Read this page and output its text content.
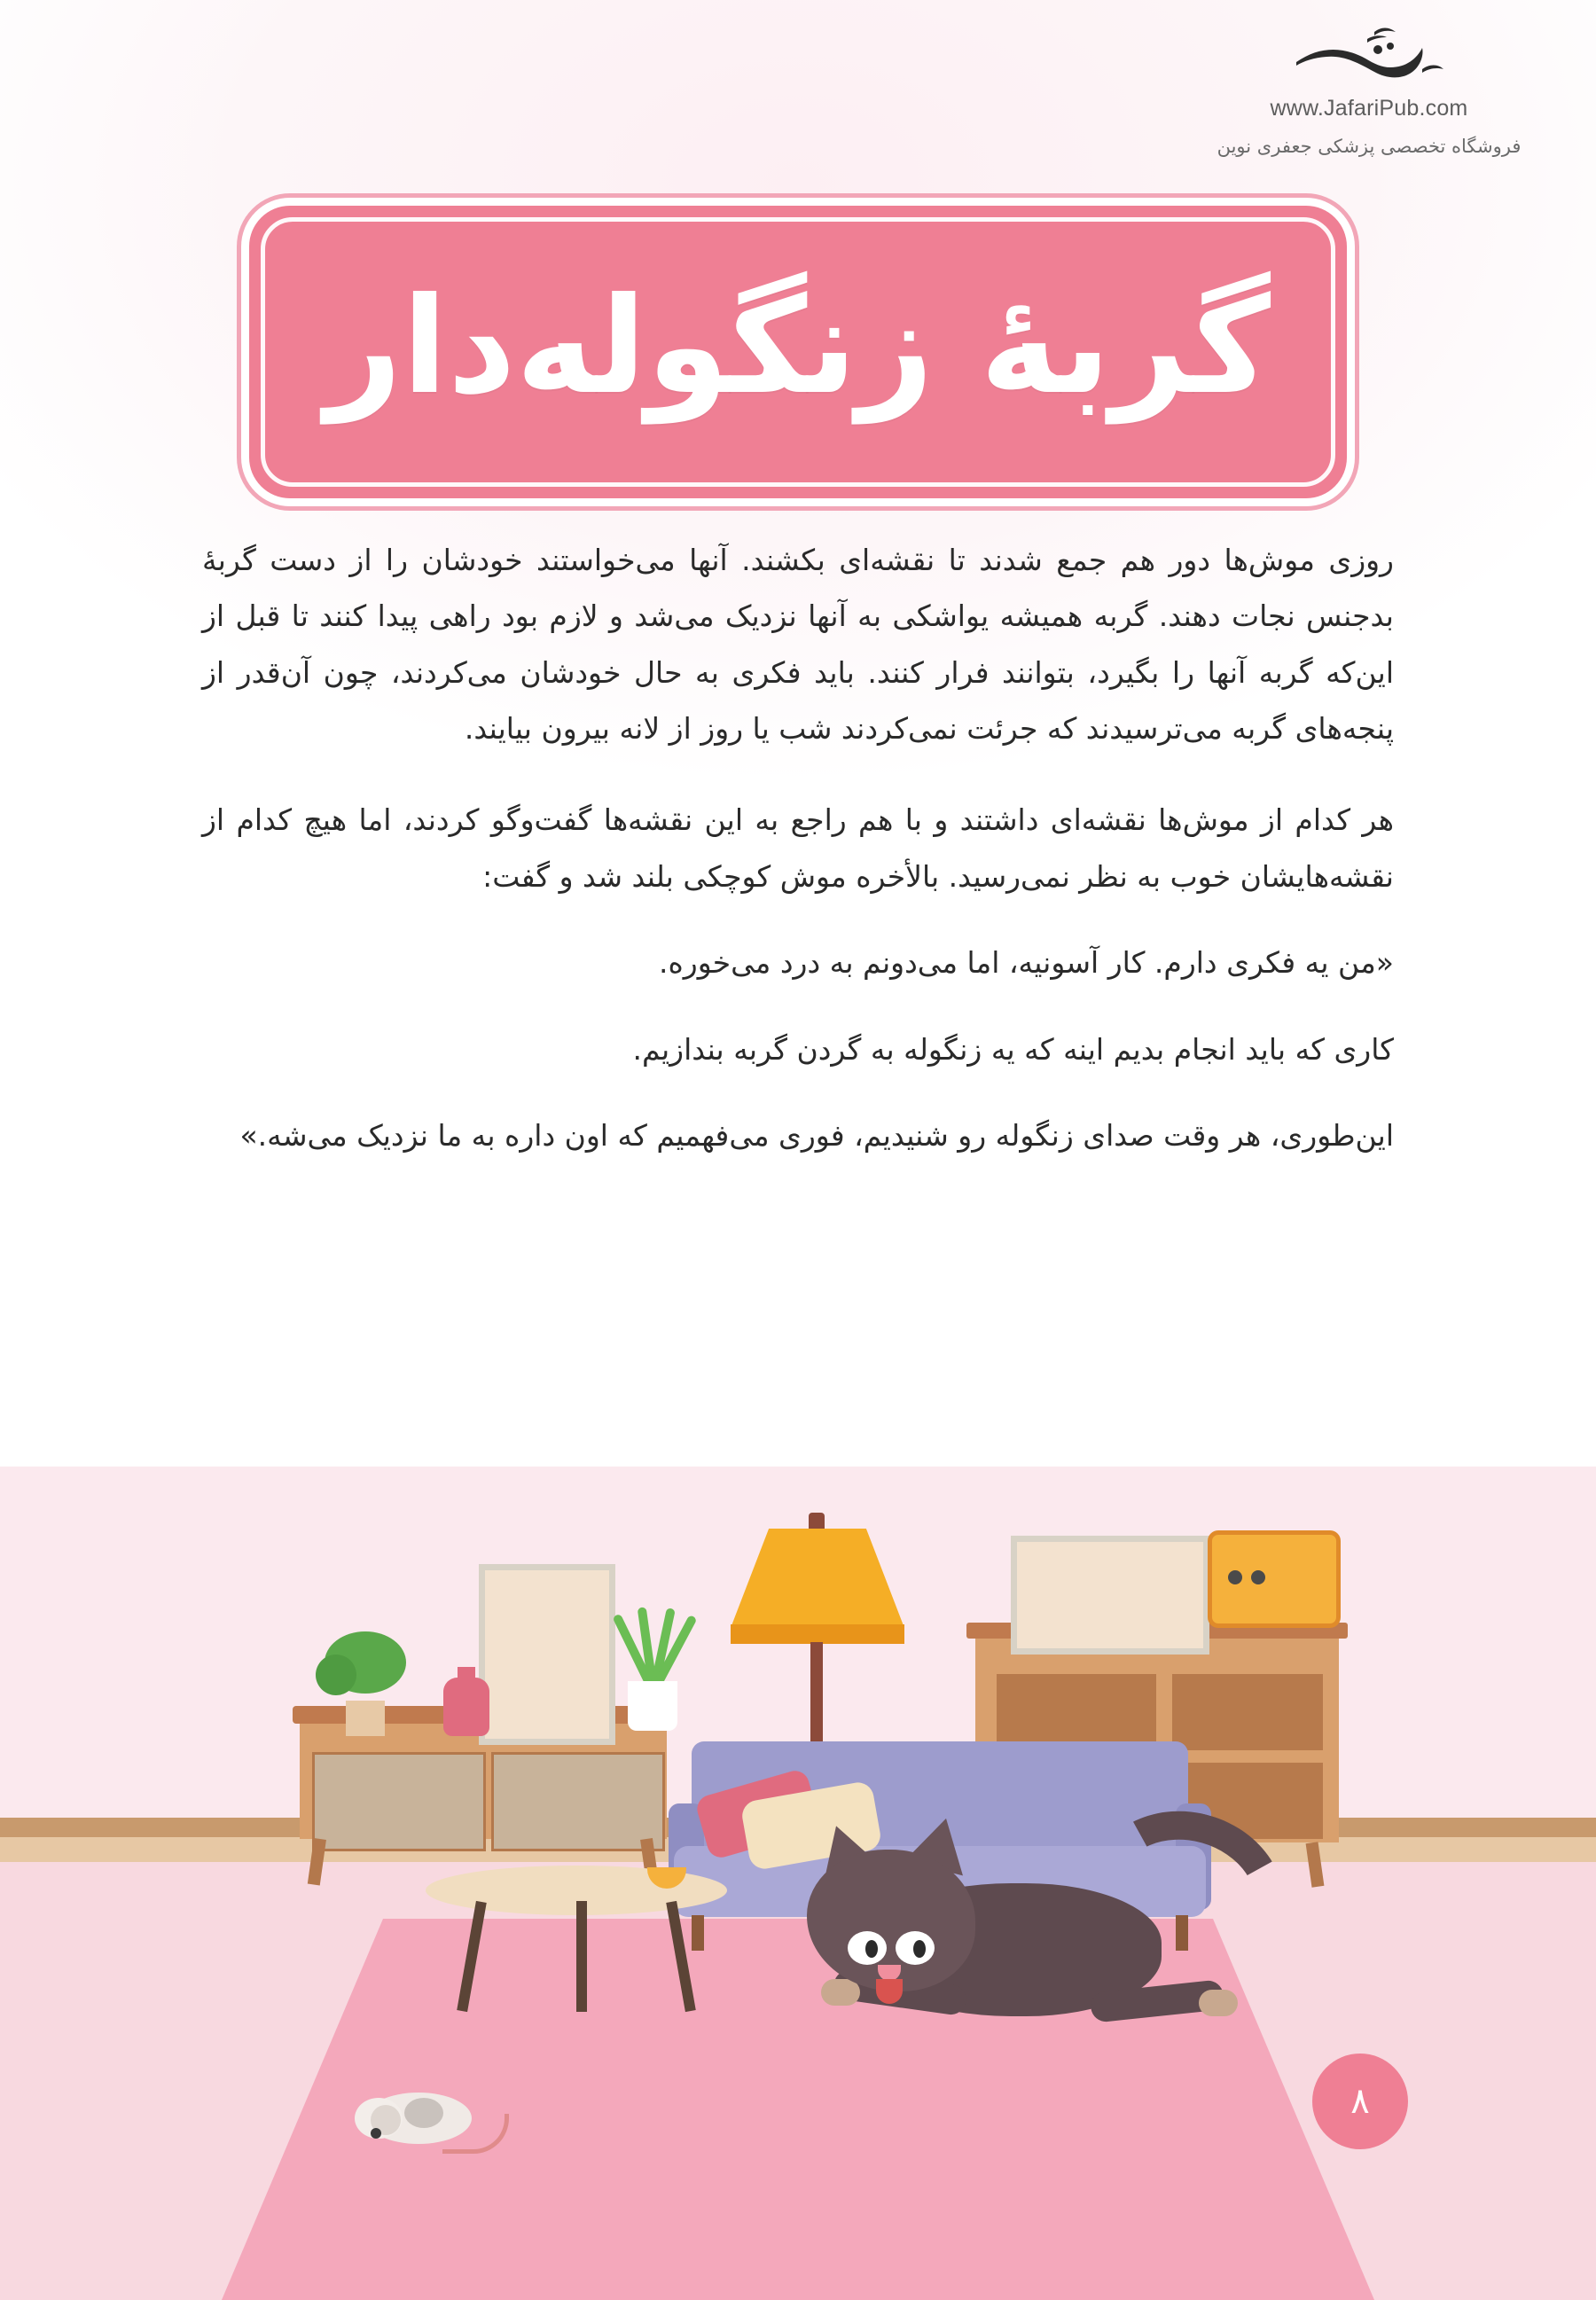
www.JafariPub.com
فروشگاه تخصصی پزشکی جعفری نوین
گربهٔ زنگوله‌دار

روزی موش‌ها دور هم جمع شدند تا نقشه‌ای بکشند. آنها می‌خواستند خودشان را از دست گربهٔ بدجنس نجات دهند. گربه همیشه یواشکی به آنها نزدیک می‌شد و لازم بود راهی پیدا کنند تا قبل از این‌که گربه آنها را بگیرد، بتوانند فرار کنند. باید فکری به حال خودشان می‌کردند، چون آن‌قدر از پنجه‌های گربه می‌ترسیدند که جرئت نمی‌کردند شب یا روز از لانه بیرون بیایند.

هر کدام از موش‌ها نقشه‌ای داشتند و با هم راجع به این نقشه‌ها گفت‌وگو کردند، اما هیچ کدام از نقشه‌هایشان خوب به نظر نمی‌رسید. بالأخره موش کوچکی بلند شد و گفت:

«من یه فکری دارم. کار آسونیه، اما می‌دونم به درد می‌خوره.

کاری که باید انجام بدیم اینه که یه زنگوله به گردن گربه بندازیم.

این‌طوری، هر وقت صدای زنگوله رو شنیدیم، فوری می‌فهمیم که اون داره به ما نزدیک می‌شه.»

۸
